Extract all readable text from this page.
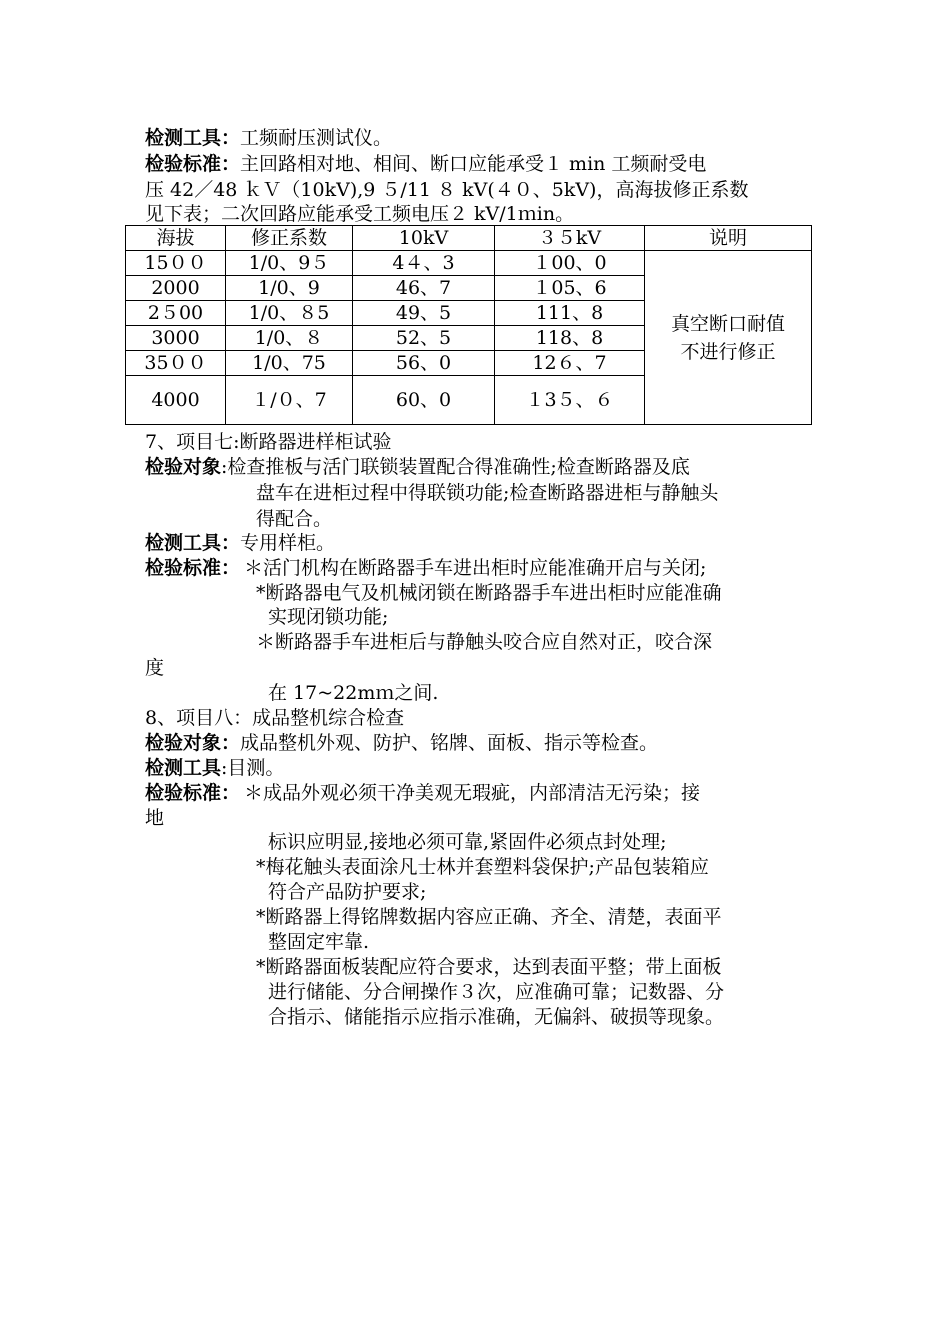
检测工具：工频耐压测试仪。
检验标准：主回路相对地、相间、断口应能承受１ min 工频耐受电
压 42／48 ｋＶ（10kV),9 ５/11 ８ kV(４０、5kV)，高海拔修正系数
见下表；二次回路应能承受工频电压２ kV/1ｍin。
海拔	修正系数	10kV	３５kV	说明
15００	1/0、9５	4４、3	１00、0	真空断口耐值
不进行修正

2000	1/0、9	46、7	１05、6	
2５00	1/0、８5	49、5	111、8	
3000	1/0、８	52、5	118、8	
35００	1/0、75	56、0	12６、7	
4000	１/０、7	60、0	１3５、６	
7、项目七:断路器进样柜试验
检验对象:检查推板与活门联锁装置配合得准确性;检查断路器及底
盘车在进柜过程中得联锁功能;检查断路器进柜与静触头
得配合。
检测工具：专用样柜。
检验标准： ＊活门机构在断路器手车进出柜时应能准确开启与关闭;
*断路器电气及机械闭锁在断路器手车进出柜时应能准确
实现闭锁功能;
＊断路器手车进柜后与静触头咬合应自然对正，咬合深
度
在 17~22mｍ之间.
8、项目八：成品整机综合检查
检验对象：成品整机外观、防护、铭牌、面板、指示等检查。
检测工具:目测。
检验标准： ＊成品外观必须干净美观无瑕疵，内部清洁无污染；接
地
标识应明显,接地必须可靠,紧固件必须点封处理;
*梅花触头表面涂凡士林并套塑料袋保护;产品包装箱应
符合产品防护要求;
*断路器上得铭牌数据内容应正确、齐全、清楚，表面平
整固定牢靠.
*断路器面板装配应符合要求，达到表面平整；带上面板
进行储能、分合闸操作３次，应准确可靠；记数器、分
合指示、储能指示应指示准确，无偏斜、破损等现象。
